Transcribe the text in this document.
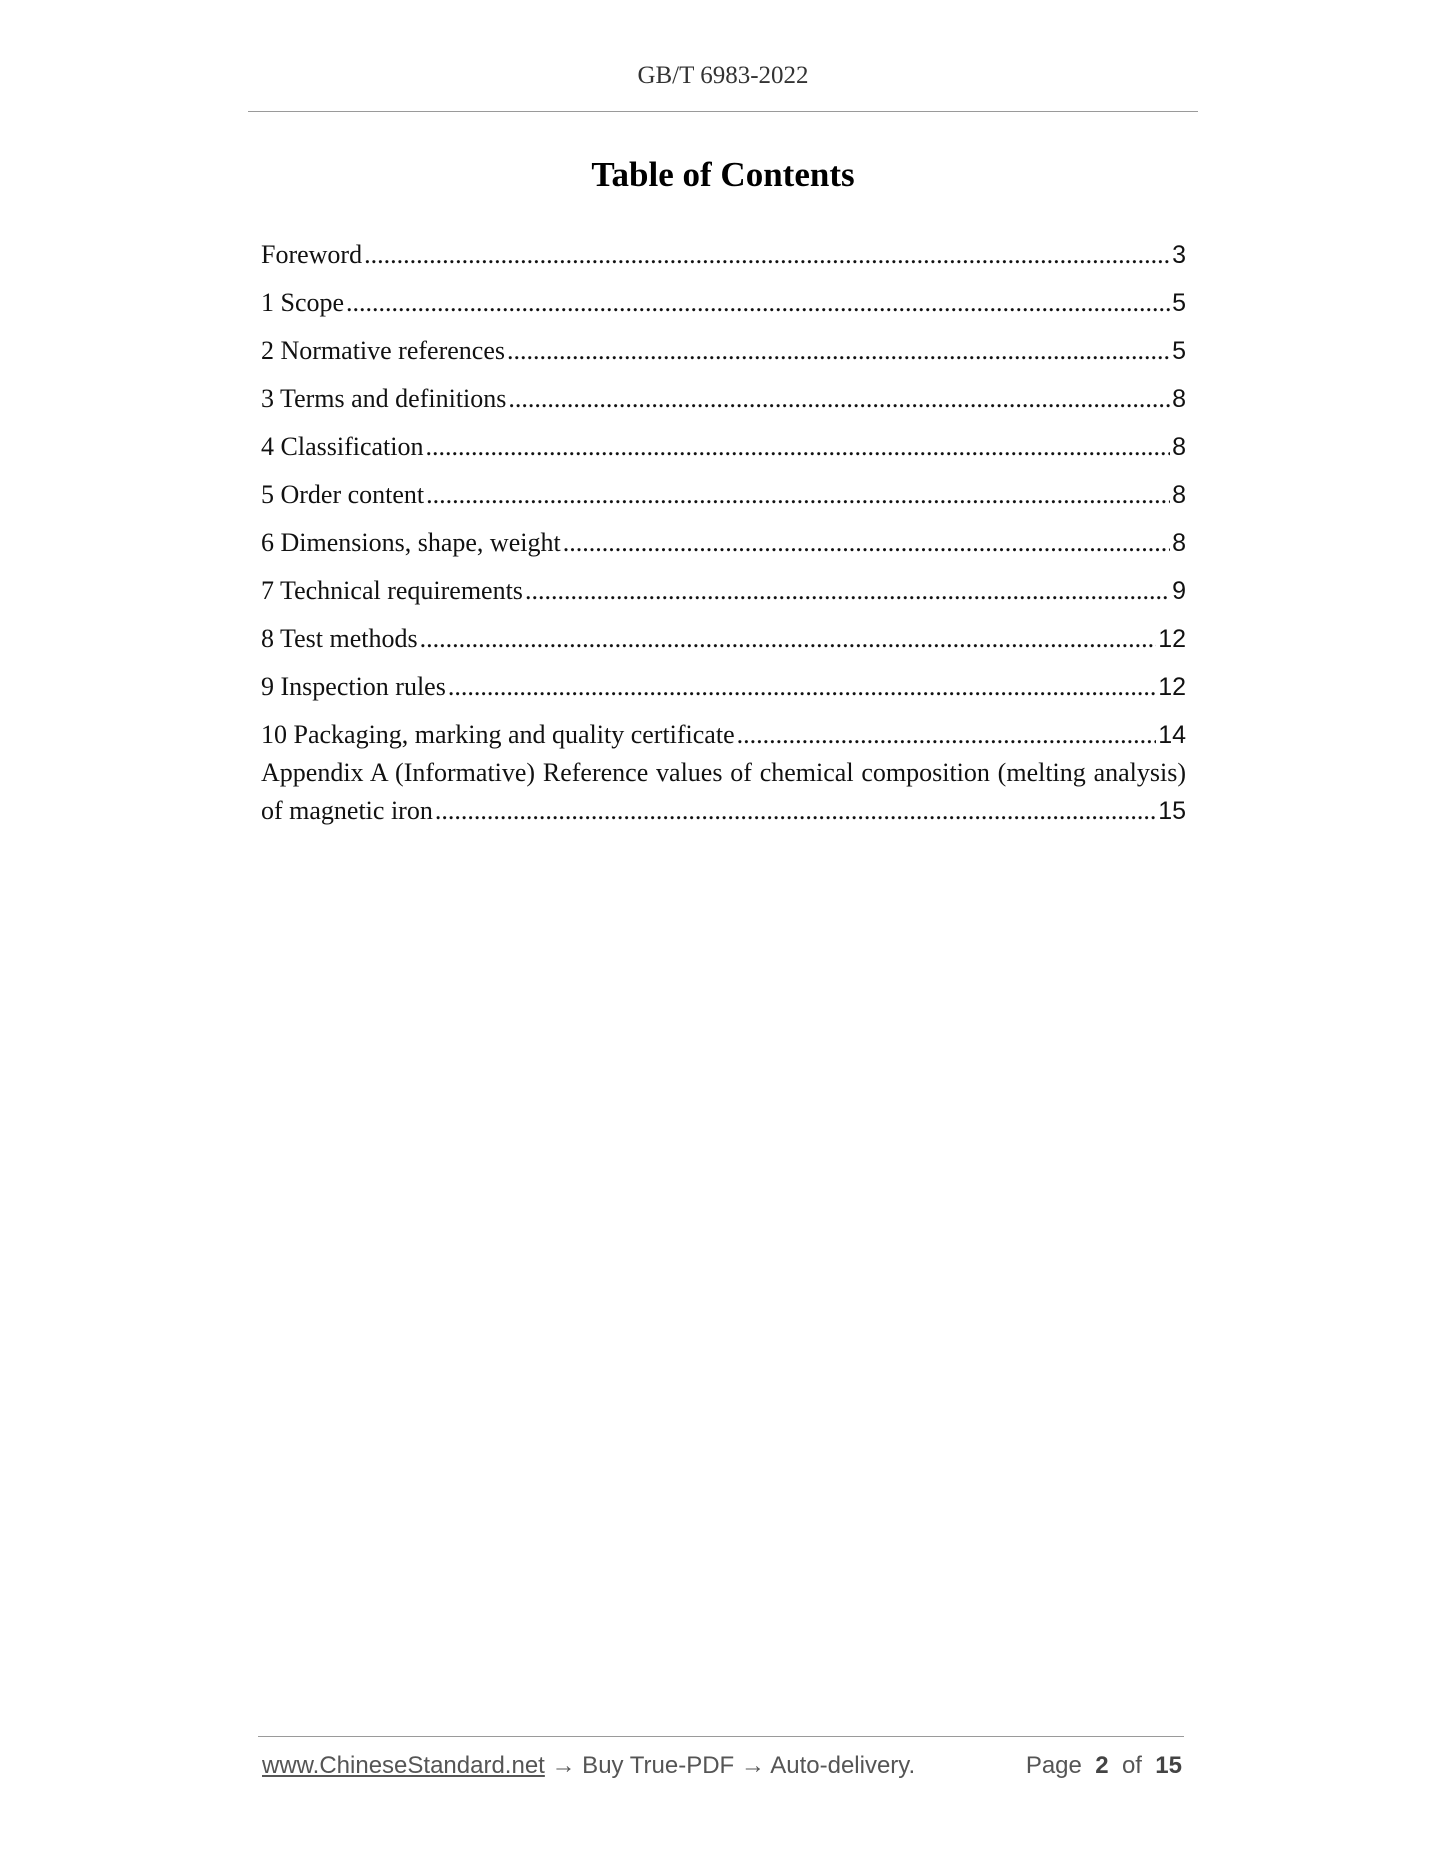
GB/T 6983-2022
Table of Contents
Foreword .....	3
1 Scope .....	5
2 Normative references .....	5
3 Terms and definitions .....	8
4 Classification .....	8
5 Order content .....	8
6 Dimensions, shape, weight .....	8
7 Technical requirements .....	9
8 Test methods .....	12
9 Inspection rules .....	12
10 Packaging, marking and quality certificate .....	14
Appendix A (Informative) Reference values of chemical composition (melting analysis)
of magnetic iron .....	15
www.ChineseStandard.net → Buy True-PDF → Auto-delivery.	Page 2 of 15
